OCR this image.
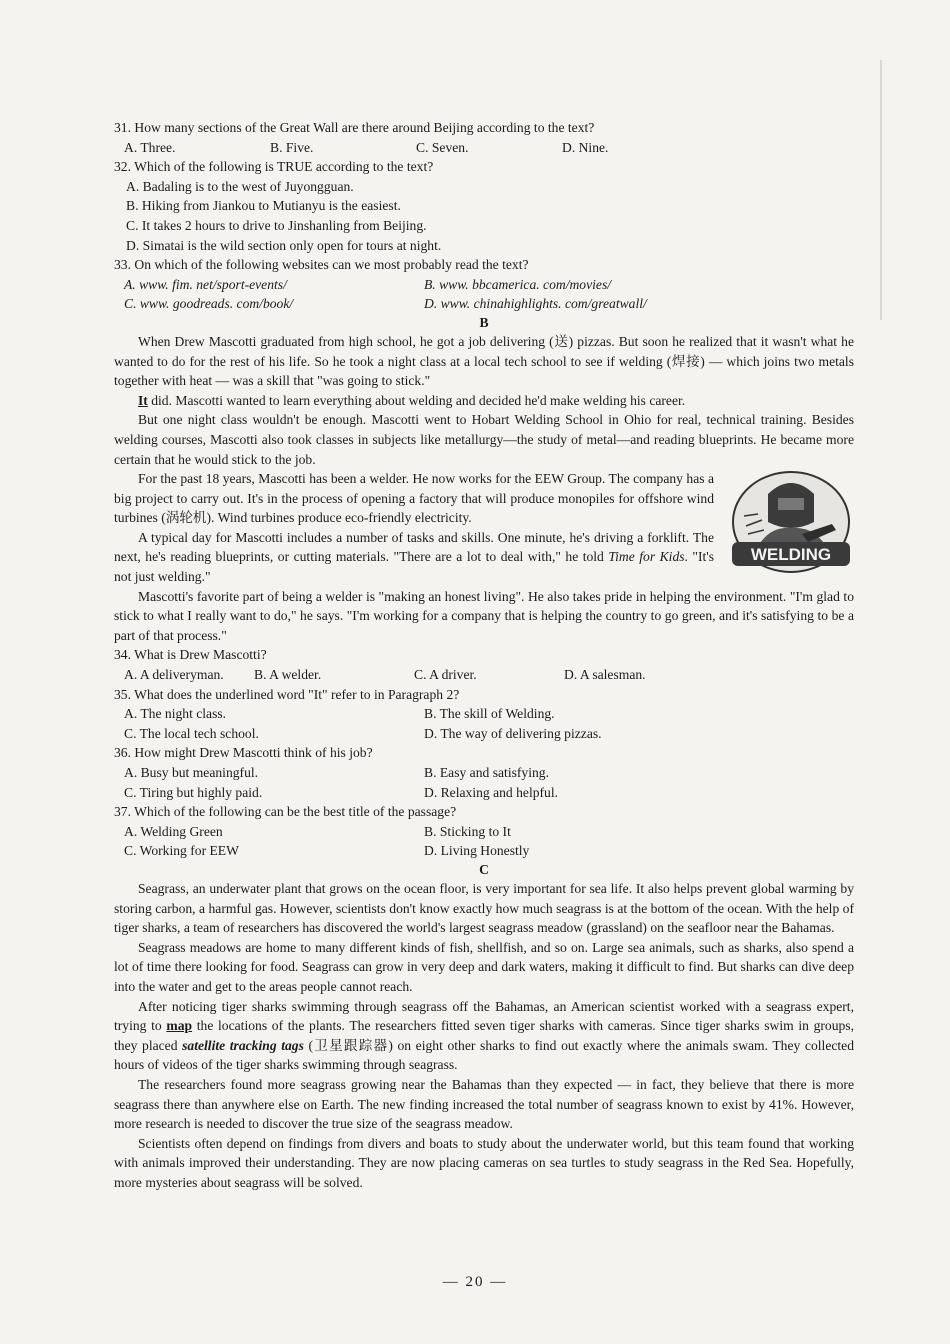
31. How many sections of the Great Wall are there around Beijing according to the text?
A. Three.	B. Five.	C. Seven.	D. Nine.
32. Which of the following is TRUE according to the text?
A. Badaling is to the west of Juyongguan.
B. Hiking from Jiankou to Mutianyu is the easiest.
C. It takes 2 hours to drive to Jinshanling from Beijing.
D. Simatai is the wild section only open for tours at night.
33. On which of the following websites can we most probably read the text?
A. www. fim. net/sport-events/	B. www. bbcamerica. com/movies/
C. www. goodreads. com/book/	D. www. chinahighlights. com/greatwall/
B

When Drew Mascotti graduated from high school, he got a job delivering (送) pizzas. But soon he realized that it wasn't what he wanted to do for the rest of his life. So he took a night class at a local tech school to see if welding (焊接) — which joins two metals together with heat — was a skill that "was going to stick."

It did. Mascotti wanted to learn everything about welding and decided he'd make welding his career.

But one night class wouldn't be enough. Mascotti went to Hobart Welding School in Ohio for real, technical training. Besides welding courses, Mascotti also took classes in subjects like metallurgy—the study of metal—and reading blueprints. He became more certain that he would stick to the job.

For the past 18 years, Mascotti has been a welder. He now works for the EEW Group. The company has a big project to carry out. It's in the process of opening a factory that will produce monopiles for offshore wind turbines (涡轮机). Wind turbines produce eco-friendly electricity.

A typical day for Mascotti includes a number of tasks and skills. One minute, he's driving a forklift. The next, he's reading blueprints, or cutting materials. "There are a lot to deal with," he told Time for Kids. "It's not just welding."

Mascotti's favorite part of being a welder is "making an honest living". He also takes pride in helping the environment. "I'm glad to stick to what I really want to do," he says. "I'm working for a company that is helping the country to go green, and it's satisfying to be a part of that process."

WELDING
34. What is Drew Mascotti?
A. A deliveryman.	B. A welder.	C. A driver.	D. A salesman.
35. What does the underlined word "It" refer to in Paragraph 2?
A. The night class.	B. The skill of Welding.
C. The local tech school.	D. The way of delivering pizzas.
36. How might Drew Mascotti think of his job?
A. Busy but meaningful.	B. Easy and satisfying.
C. Tiring but highly paid.	D. Relaxing and helpful.
37. Which of the following can be the best title of the passage?
A. Welding Green	B. Sticking to It
C. Working for EEW	D. Living Honestly
C

Seagrass, an underwater plant that grows on the ocean floor, is very important for sea life. It also helps prevent global warming by storing carbon, a harmful gas. However, scientists don't know exactly how much seagrass is at the bottom of the ocean. With the help of tiger sharks, a team of researchers has discovered the world's largest seagrass meadow (grassland) on the seafloor near the Bahamas.

Seagrass meadows are home to many different kinds of fish, shellfish, and so on. Large sea animals, such as sharks, also spend a lot of time there looking for food. Seagrass can grow in very deep and dark waters, making it difficult to find. But sharks can dive deep into the water and get to the areas people cannot reach.

After noticing tiger sharks swimming through seagrass off the Bahamas, an American scientist worked with a seagrass expert, trying to map the locations of the plants. The researchers fitted seven tiger sharks with cameras. Since tiger sharks swim in groups, they placed satellite tracking tags (卫星跟踪器) on eight other sharks to find out exactly where the animals swam. They collected hours of videos of the tiger sharks swimming through seagrass.

The researchers found more seagrass growing near the Bahamas than they expected — in fact, they believe that there is more seagrass there than anywhere else on Earth. The new finding increased the total number of seagrass known to exist by 41%. However, more research is needed to discover the true size of the seagrass meadow.

Scientists often depend on findings from divers and boats to study about the underwater world, but this team found that working with animals improved their understanding. They are now placing cameras on sea turtles to study seagrass in the Red Sea. Hopefully, more mysteries about seagrass will be solved.

— 20 —
